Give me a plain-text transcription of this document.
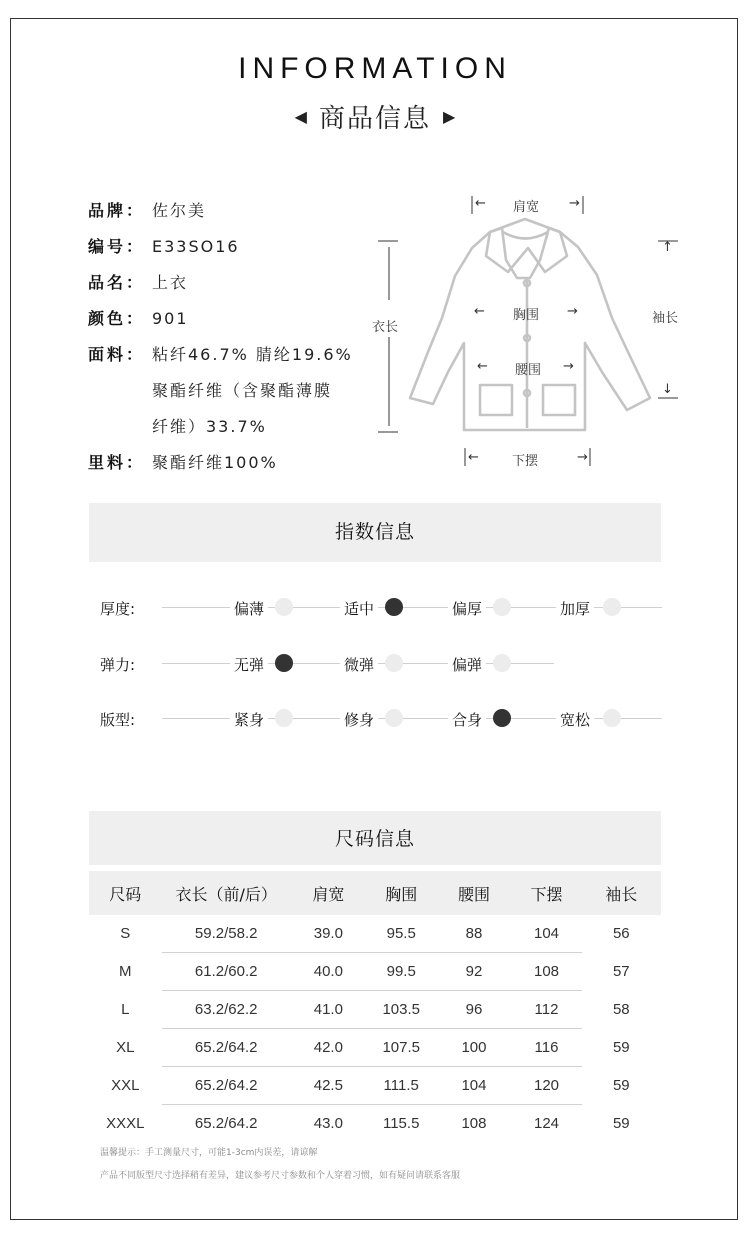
INFORMATION
◀︎ 商品信息 ▶︎
品牌： 佐尔美
编号： E33SO16
品名： 上衣
颜色： 901
面料： 粘纤46.7% 腈纶19.6%
聚酯纤维（含聚酯薄膜
纤维）33.7%
里料： 聚酯纤维100%
← 肩宽 →
← 胸围 →
← 腰围 →
←	下摆	→
衣长
袖长
↑
↓
指数信息
厚度:	偏薄	适中	偏厚	加厚
弹力:	无弹	微弹	偏弹
版型:	紧身	修身	合身	宽松
尺码信息
尺码	衣长（前/后）	肩宽	胸围	腰围	下摆	袖长
S	59.2/58.2	39.0	95.5	88	104	56
M	61.2/60.2	40.0	99.5	92	108	57
L	63.2/62.2	41.0	103.5	96	112	58
XL	65.2/64.2	42.0	107.5	100	116	59
XXL	65.2/64.2	42.5	111.5	104	120	59
XXXL	65.2/64.2	43.0	115.5	108	124	59
温馨提示：手工测量尺寸，可能1-3cm内误差，请谅解
产品不同版型尺寸选择稍有差异，建议参考尺寸参数和个人穿着习惯，如有疑问请联系客服
